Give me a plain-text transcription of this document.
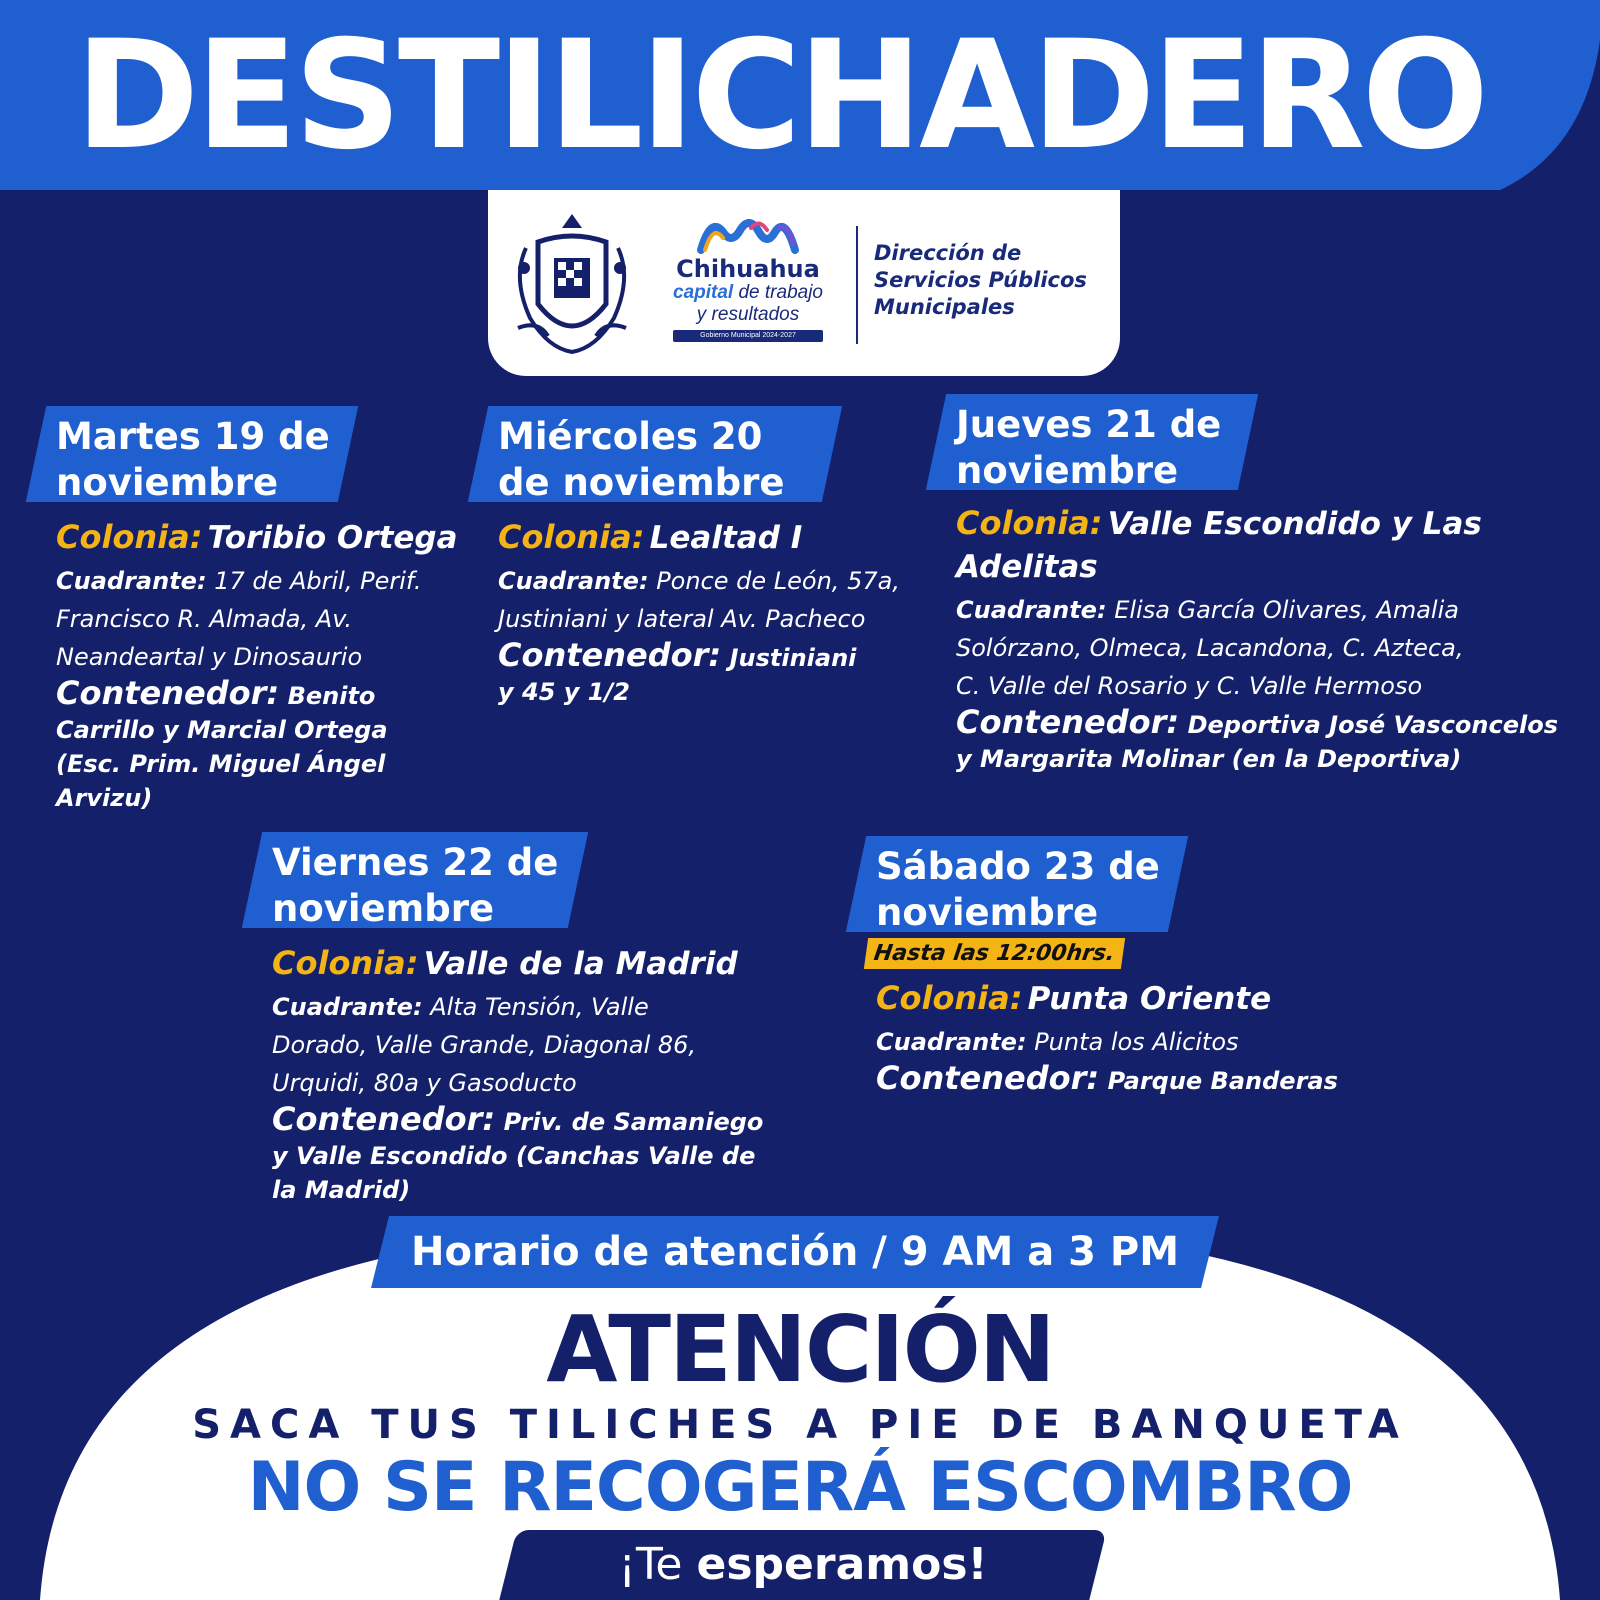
DESTILICHADERO
Chihuahua
capital de trabajo
y resultados
Gobierno Municipal 2024-2027
Dirección de
Servicios Públicos
Municipales
Martes 19 de
noviembre
Colonia: Toribio Ortega
Cuadrante: 17 de Abril, Perif.
Francisco R. Almada, Av.
Neandeartal y Dinosaurio
Contenedor: Benito
Carrillo y Marcial Ortega
(Esc. Prim. Miguel Ángel Arvizu)
Miércoles 20
de noviembre
Colonia: Lealtad I
Cuadrante: Ponce de León, 57a,
Justiniani y lateral Av. Pacheco
Contenedor: Justiniani
y 45 y 1/2
Jueves 21 de
noviembre
Colonia: Valle Escondido y Las
Adelitas
Cuadrante: Elisa García Olivares, Amalia
Solórzano, Olmeca, Lacandona, C. Azteca,
C. Valle del Rosario y C. Valle Hermoso
Contenedor: Deportiva José Vasconcelos
y Margarita Molinar (en la Deportiva)
Viernes 22 de
noviembre
Colonia: Valle de la Madrid
Cuadrante: Alta Tensión, Valle
Dorado, Valle Grande, Diagonal 86,
Urquidi, 80a y Gasoducto
Contenedor: Priv. de Samaniego
y Valle Escondido (Canchas Valle de
la Madrid)
Sábado 23 de
noviembre
Hasta las 12:00hrs.
Colonia: Punta Oriente
Cuadrante: Punta los Alicitos
Contenedor: Parque Banderas
Horario de atención / 9 AM a 3 PM
ATENCIÓN
SACA TUS TILICHES A PIE DE BANQUETA
NO SE RECOGERÁ ESCOMBRO
¡Te esperamos!
